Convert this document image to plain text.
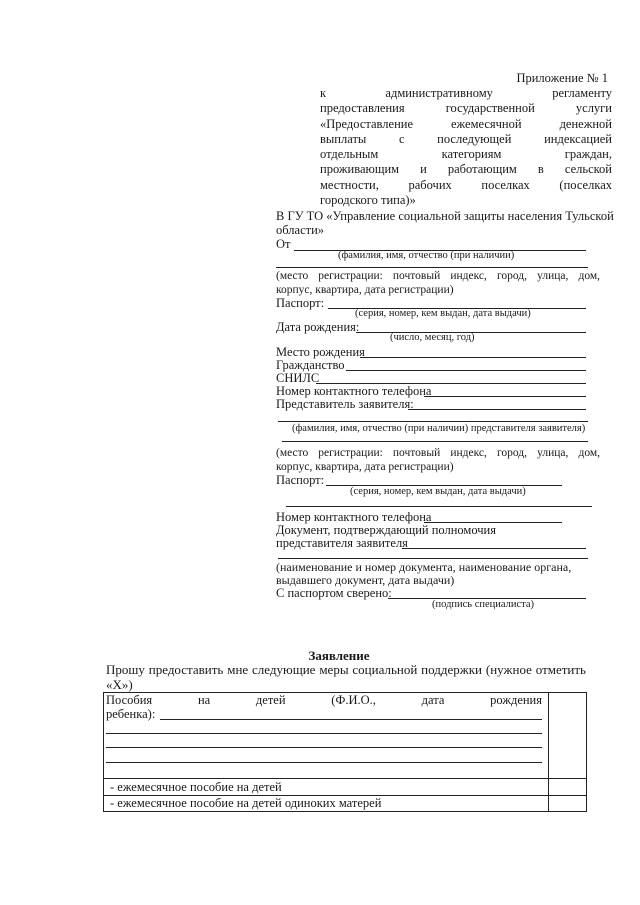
Приложение № 1
к административному регламенту
предоставления государственной услуги
«Предоставление ежемесячной денежной
выплаты с последующей индексацией
отдельным категориям граждан,
проживающим и работающим в сельской
местности, рабочих поселках (поселках
городского типа)»
В ГУ ТО «Управление социальной защиты населения Тульской
области»
От
(фамилия, имя, отчество (при наличии)
(место регистрации: почтовый индекс, город, улица, дом,
корпус, квартира, дата регистрации)
Паспорт:
(серия, номер, кем выдан, дата выдачи)
Дата рождения:
(число, месяц, год)
Место рождения
Гражданство
СНИЛС
Номер контактного телефона
Представитель заявителя:
(фамилия, имя, отчество (при наличии) представителя заявителя)
(место регистрации: почтовый индекс, город, улица, дом,
корпус, квартира, дата регистрации)
Паспорт:
(серия, номер, кем выдан, дата выдачи)
Номер контактного телефона
Документ, подтверждающий полномочия
представителя заявителя
(наименование и номер документа, наименование органа,
выдавшего документ, дата выдачи)
С паспортом сверено:
(подпись специалиста)
Заявление
Прошу предоставить мне следующие меры социальной поддержки (нужное отметить
«Х»)
Пособия на детей (Ф.И.О., дата рождения
ребенка):
- ежемесячное пособие на детей
- ежемесячное пособие на детей одиноких матерей
